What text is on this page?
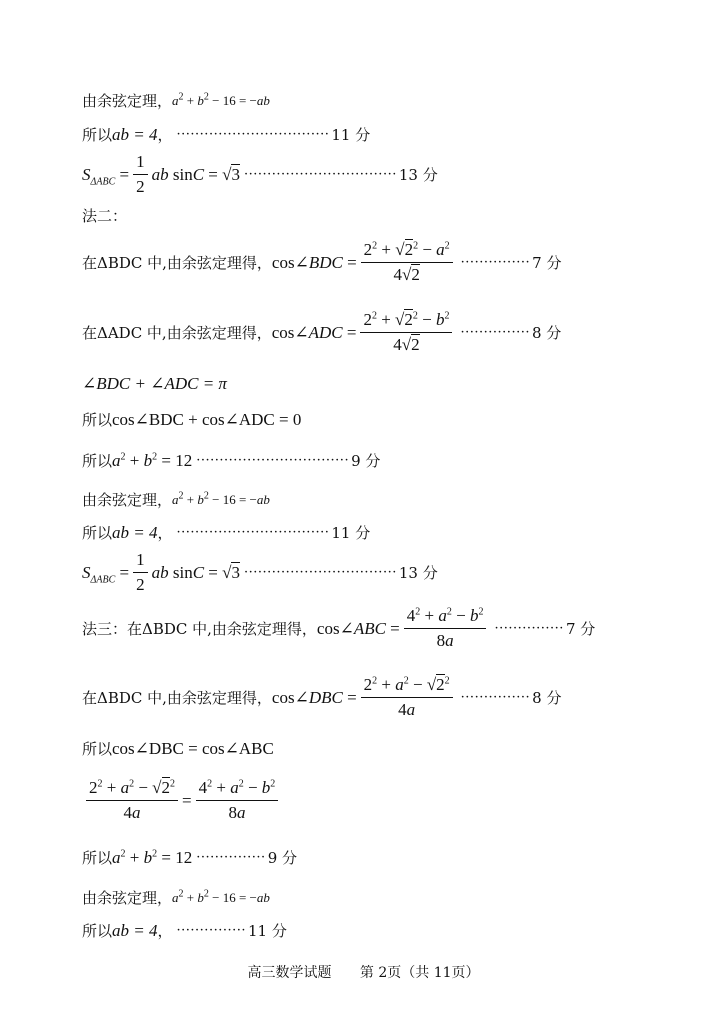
由余弦定理， $a^2 + b^2 - 16 = -ab$
所以 ab = 4 ， ································· 11 分
$S_{\Delta ABC} = \frac{1}{2}$ ab sinC = √3 ································· 13 分
法二：
在ΔBDC 中,由余弦定理得， cos∠BDC = $\frac{2^2 + √2^2 - a^2}{4√2}$ ··············· 7 分
在ΔADC 中,由余弦定理得， cos∠ADC = $\frac{2^2 + √2^2 - b^2}{4√2}$ ··············· 8 分
∠BDC + ∠ADC = π
所以 cos∠BDC + cos∠ADC = 0
所以 $a^2 + b^2 = 12$ ································· 9 分
由余弦定理， $a^2 + b^2 - 16 = -ab$
所以 ab = 4 ， ································· 11 分
$S_{\Delta ABC} = \frac{1}{2}$ ab sinC = √3 ································· 13 分
法三：在ΔBDC 中,由余弦定理得， cos∠ABC = $\frac{4^2 + a^2 - b^2}{8a}$ ··············· 7 分
在ΔBDC 中,由余弦定理得， cos∠DBC = $\frac{2^2 + a^2 - √2^2}{4a}$ ··············· 8 分
所以 cos∠DBC = cos∠ABC
$\frac{2^2 + a^2 - √2^2}{4a} = \frac{4^2 + a^2 - b^2}{8a}$
所以 $a^2 + b^2 = 12$ ··············· 9 分
由余弦定理， $a^2 + b^2 - 16 = -ab$
所以 ab = 4 ， ··············· 11 分
高三数学试题 第 2页（共 11页）
